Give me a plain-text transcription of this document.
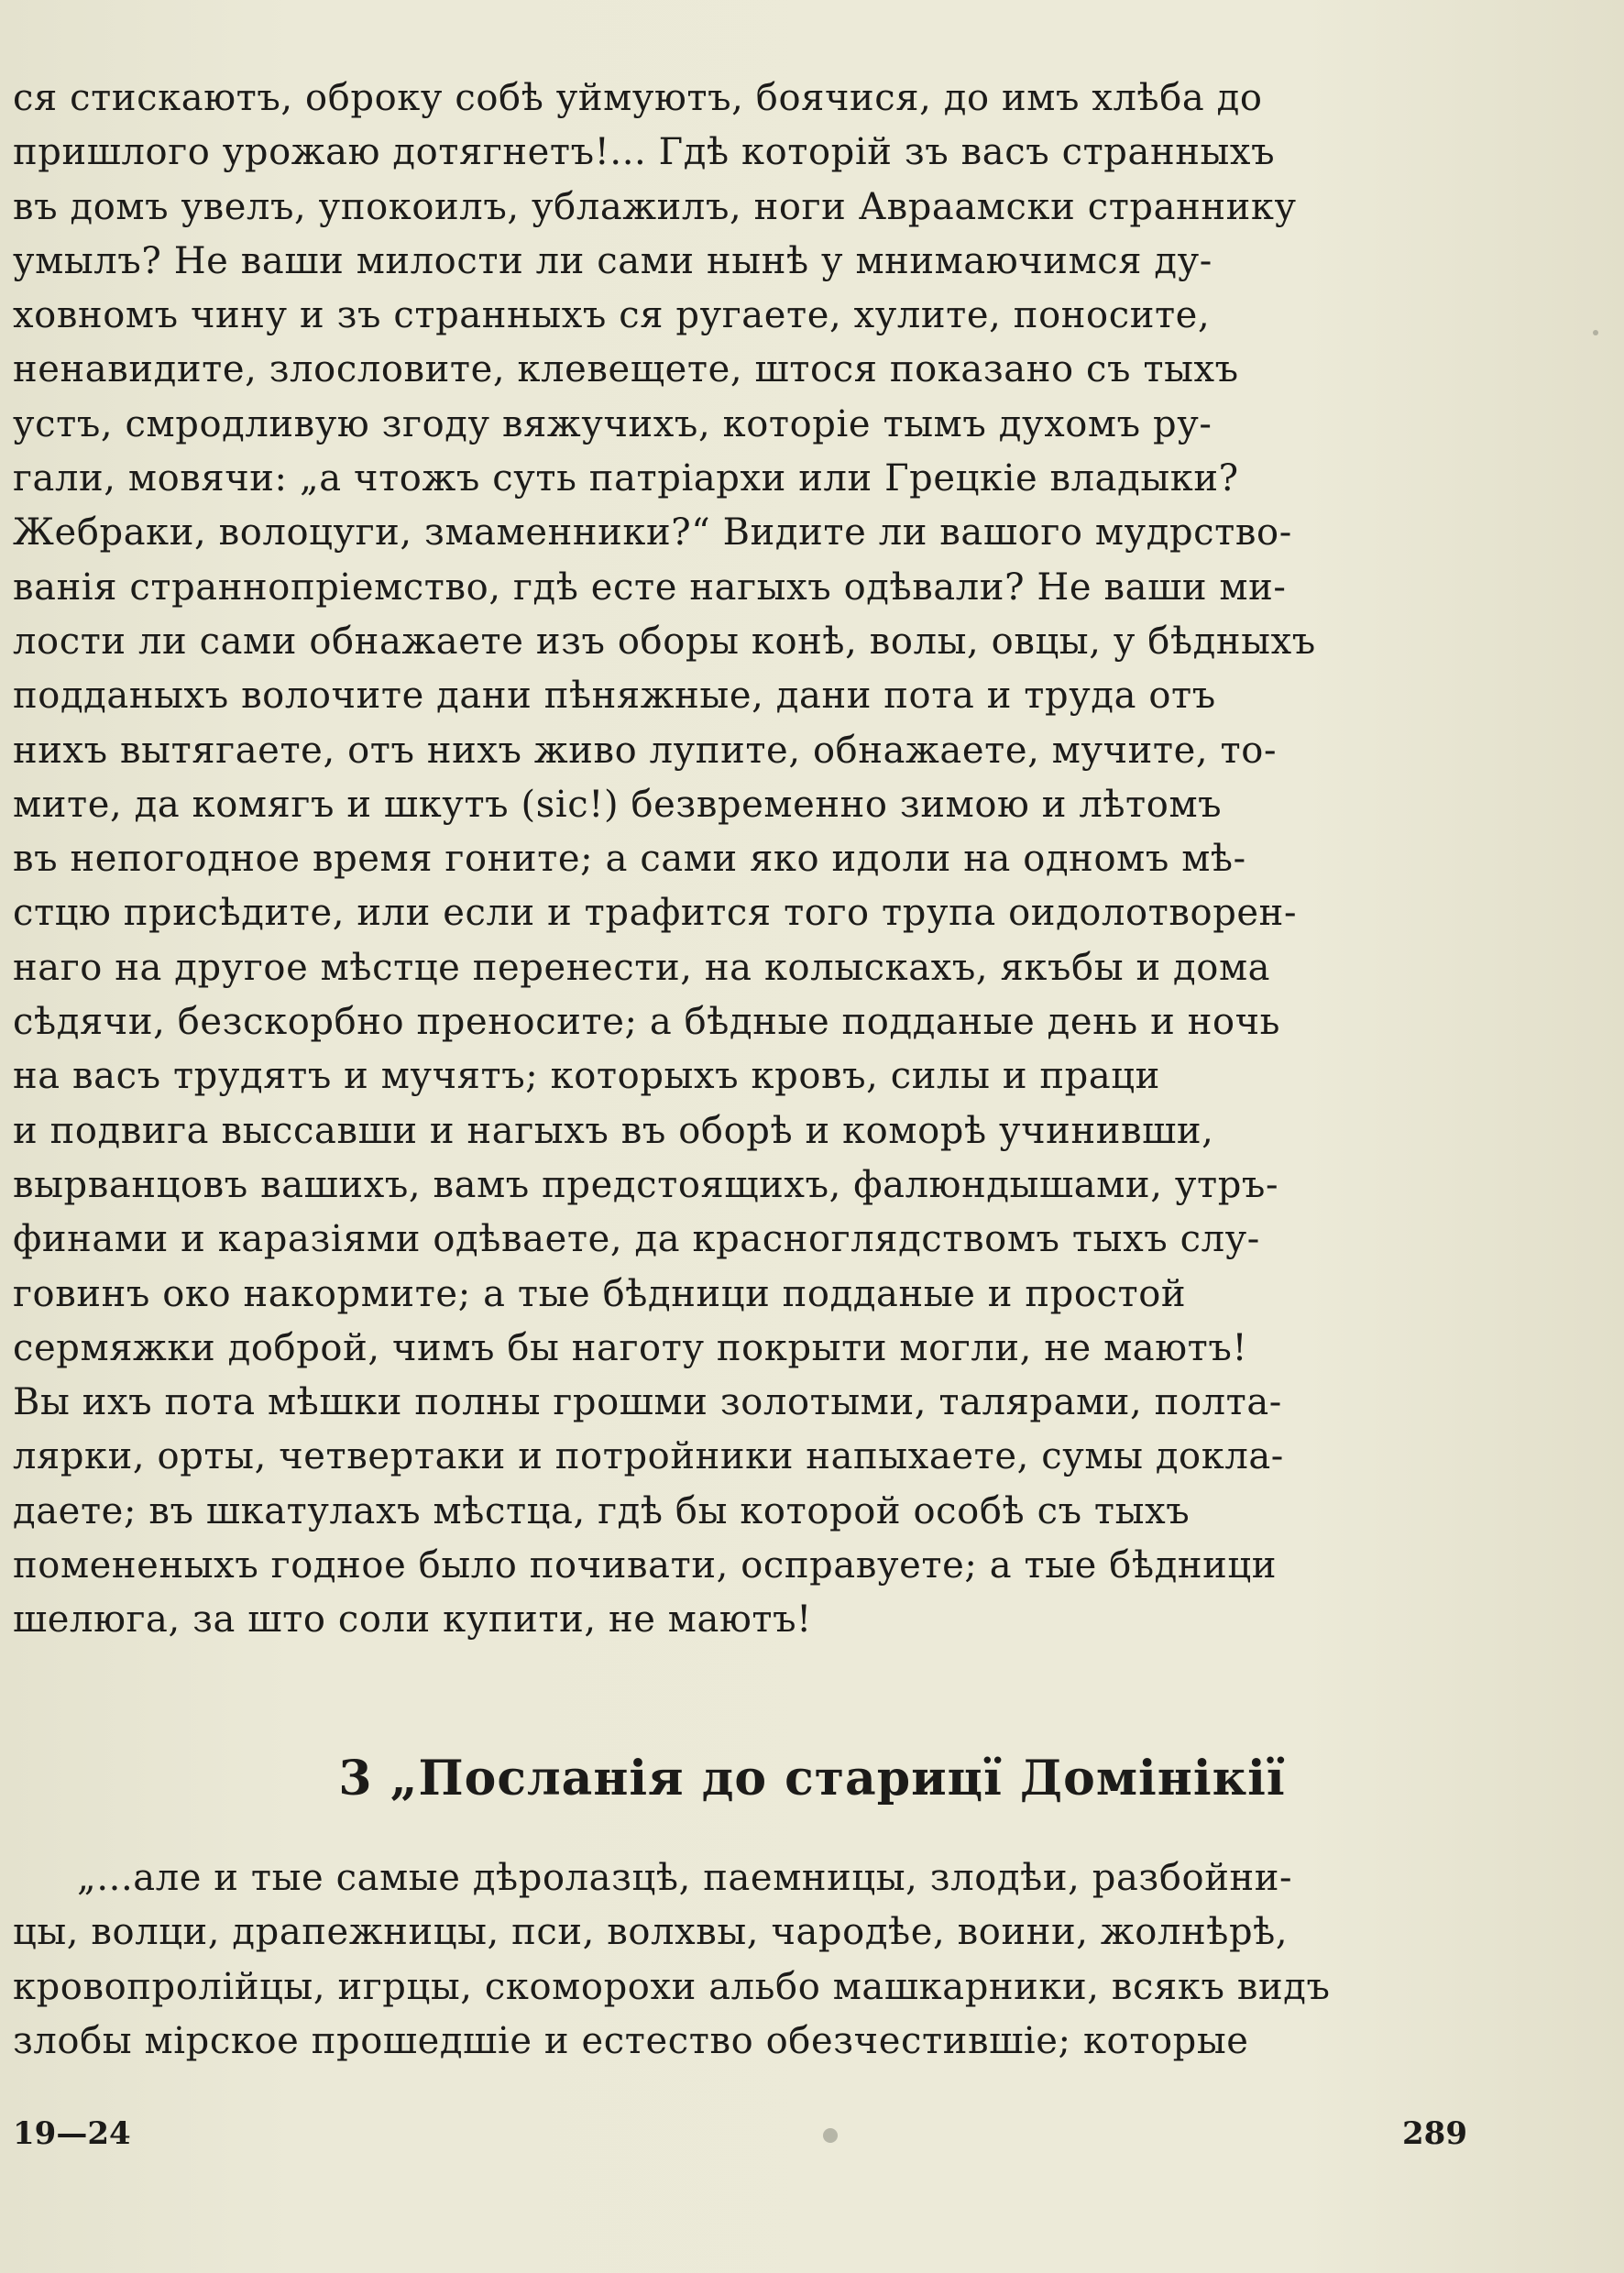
ся стискаютъ, оброку собѣ уймуютъ, боячися, до имъ хлѣба до
пришлого урожаю дотягнетъ!... Гдѣ которій зъ васъ странныхъ
въ домъ увелъ, упокоилъ, ублажилъ, ноги Авраамски страннику
умылъ? Не ваши милости ли сами нынѣ у мнимаючимся ду-
ховномъ чину и зъ странныхъ ся ругаете, хулите, поносите,
ненавидите, злословите, клевещете, штося показано съ тыхъ
устъ, смродливую згоду вяжучихъ, которіе тымъ духомъ ру-
гали, мовячи: „а чтожъ суть патріархи или Грецкіе владыки?
Жебраки, волоцуги, змаменники?“ Видите ли вашого мудрство-
ванія страннопріемство, гдѣ есте нагыхъ одѣвали? Не ваши ми-
лости ли сами обнажаете изъ оборы конѣ, волы, овцы, у бѣдныхъ
подданыхъ волочите дани пѣняжные, дани пота и труда отъ
нихъ вытягаете, отъ нихъ живо лупите, обнажаете, мучите, то-
мите, да комягъ и шкутъ (sic!) безвременно зимою и лѣтомъ
въ непогодное время гоните; а сами яко идоли на одномъ мѣ-
стцю присѣдите, или если и трафится того трупа оидолотворен-
наго на другое мѣстце перенести, на колыскахъ, якъбы и дома
сѣдячи, безскорбно преносите; а бѣдные подданые день и ночь
на васъ трудятъ и мучятъ; которыхъ кровъ, силы и праци
и подвига выссавши и нагыхъ въ оборѣ и коморѣ учинивши,
вырванцовъ вашихъ, вамъ предстоящихъ, фалюндышами, утръ-
финами и каразіями одѣваете, да красноглядствомъ тыхъ слу-
говинъ око накормите; а тые бѣдници подданые и простой
сермяжки доброй, чимъ бы наготу покрыти могли, не маютъ!
Вы ихъ пота мѣшки полны грошми золотыми, талярами, полта-
лярки, орты, четвертаки и потройники напыхаете, сумы докла-
даете; въ шкатулахъ мѣстца, гдѣ бы которой особѣ съ тыхъ
помененыхъ годное было почивати, осправуете; а тые бѣдници
шелюга, за што соли купити, не маютъ!
3 „Посланія до старицї Домінікії
„...але и тые самые дѣролазцѣ, паемницы, злодѣи, разбойни-
цы, волци, драпежницы, пси, волхвы, чародѣе, воини, жолнѣрѣ,
кровопролійцы, игрцы, скоморохи альбо машкарники, всякъ видъ
злобы мірское прошедшіе и естество обезчестившіе; которые
19—24	289
